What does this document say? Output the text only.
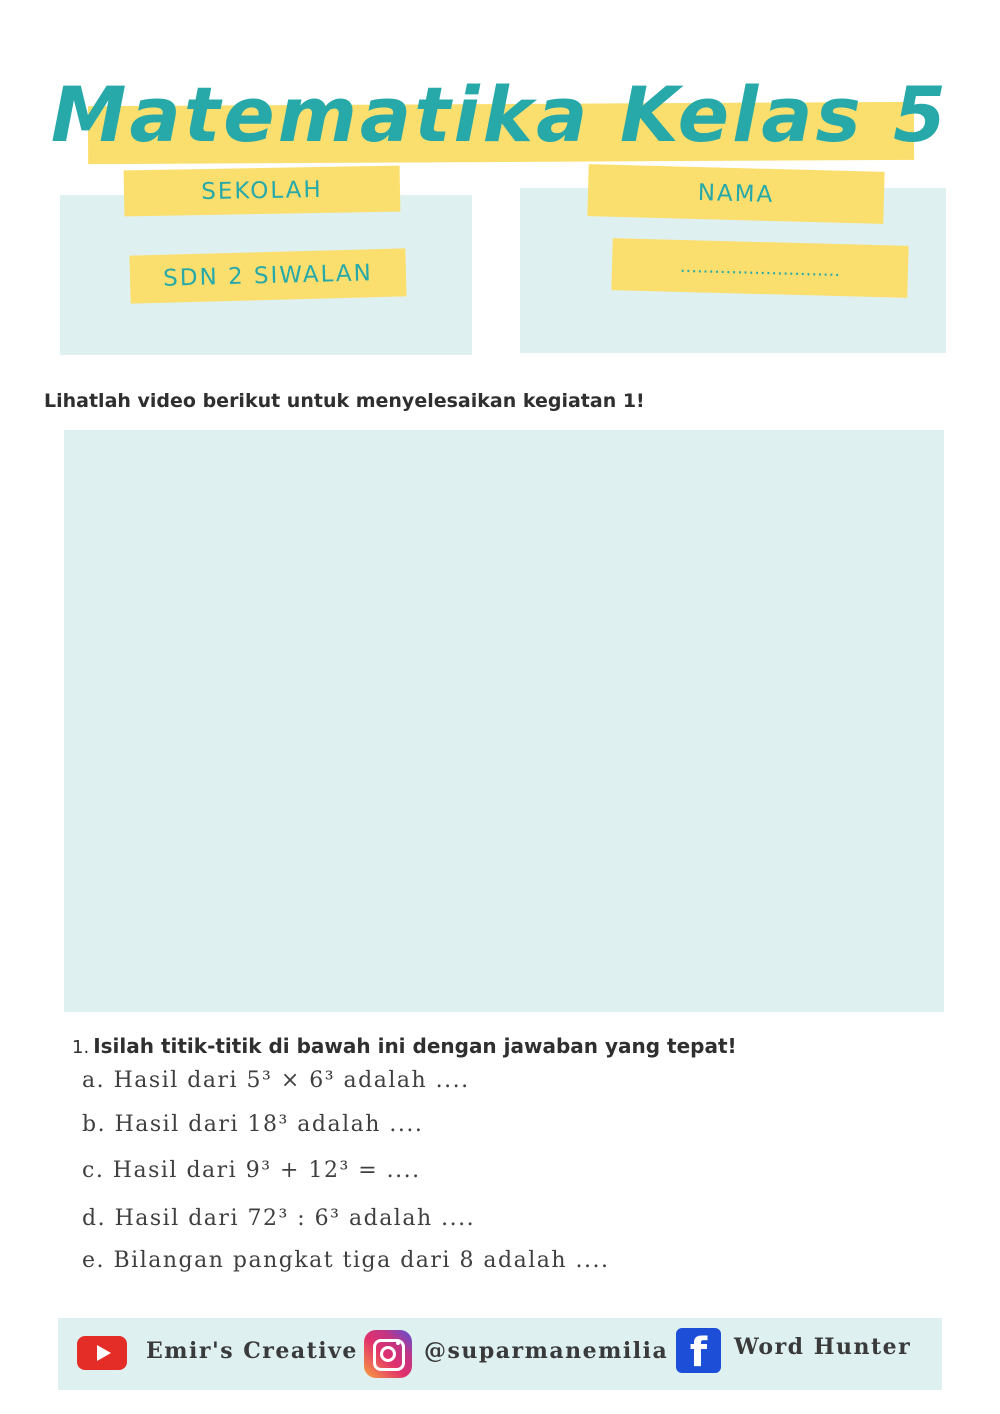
Matematika Kelas 5
SEKOLAH
SDN 2 SIWALAN
NAMA
............................
Lihatlah video berikut untuk menyelesaikan kegiatan 1!
1. Isilah titik-titik di bawah ini dengan jawaban yang tepat!
a. Hasil dari 5³ × 6³ adalah ....
b. Hasil dari 18³ adalah ....
c. Hasil dari 9³ + 12³ = ....
d. Hasil dari 72³ : 6³ adalah ....
e. Bilangan pangkat tiga dari 8 adalah ....
Emir's Creative	@suparmanemilia f	Word Hunter
